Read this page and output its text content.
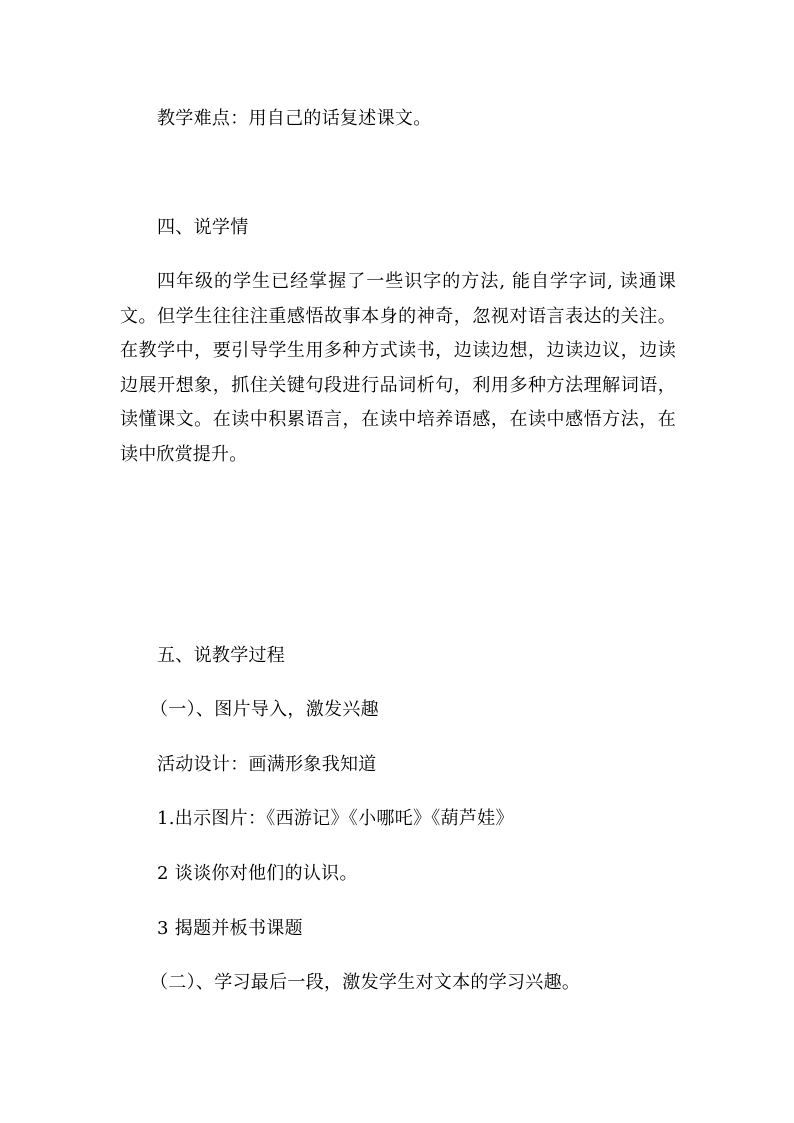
教学难点：用自己的话复述课文。
四、说学情
四年级的学生已经掌握了一些识字的方法, 能自学字词, 读通课
文。但学生往往注重感悟故事本身的神奇，忽视对语言表达的关注。
在教学中，要引导学生用多种方式读书，边读边想，边读边议，边读
边展开想象，抓住关键句段进行品词析句，利用多种方法理解词语，
读懂课文。在读中积累语言，在读中培养语感，在读中感悟方法，在
读中欣赏提升。
五、说教学过程
（一）、图片导入，激发兴趣
活动设计：画满形象我知道
1.出示图片：《西游记》《小哪吒》《葫芦娃》
2 谈谈你对他们的认识。
3 揭题并板书课题
（二）、学习最后一段，激发学生对文本的学习兴趣。
